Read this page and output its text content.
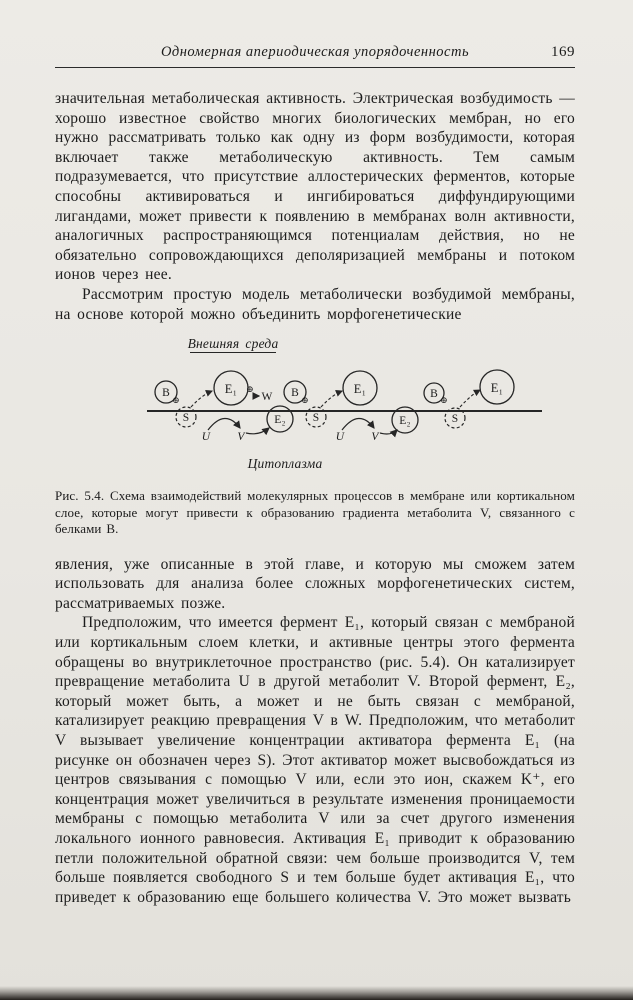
Одномерная апериодическая упорядоченность	169

значительная метаболическая активность. Электрическая возбудимость — хорошо известное свойство многих биологических мембран, но его нужно рассматривать только как одну из форм возбудимости, которая включает также метаболическую активность. Тем самым подразумевается, что присутствие аллостерических ферментов, которые способны активироваться и ингибироваться диффундирующими лигандами, может привести к появлению в мембранах волн активности, аналогичных распространяющимся потенциалам действия, но не обязательно сопровождающихся деполяризацией мембраны и потоком ионов через нее.

Рассмотрим простую модель метаболически возбудимой мембраны, на основе которой можно объединить морфогенетические

Внешняя среда
B
⊕
S
E₁
U V
⊕
W
E₂
B
⊕
S
E₁
U V
E₂
B
⊕
S
E₁
Цитоплазма
Рис. 5.4. Схема взаимодействий молекулярных процессов в мембране или кортикальном слое, которые могут привести к образованию градиента метаболита V, связанного с белками В.

явления, уже описанные в этой главе, и которую мы сможем затем использовать для анализа более сложных морфогенетических систем, рассматриваемых позже.

Предположим, что имеется фермент E₁, который связан с мембраной или кортикальным слоем клетки, и активные центры этого фермента обращены во внутриклеточное пространство (рис. 5.4). Он катализирует превращение метаболита U в другой метаболит V. Второй фермент, E₂, который может быть, а может и не быть связан с мембраной, катализирует реакцию превращения V в W. Предположим, что метаболит V вызывает увеличение концентрации активатора фермента E₁ (на рисунке он обозначен через S). Этот активатор может высвобождаться из центров связывания с помощью V или, если это ион, скажем K⁺, его концентрация может увеличиться в результате изменения проницаемости мембраны с помощью метаболита V или за счет другого изменения локального ионного равновесия. Активация E₁ приводит к образованию петли положительной обратной связи: чем больше производится V, тем больше появляется свободного S и тем больше будет активация E₁, что приведет к образованию еще большего количества V. Это может вызвать
